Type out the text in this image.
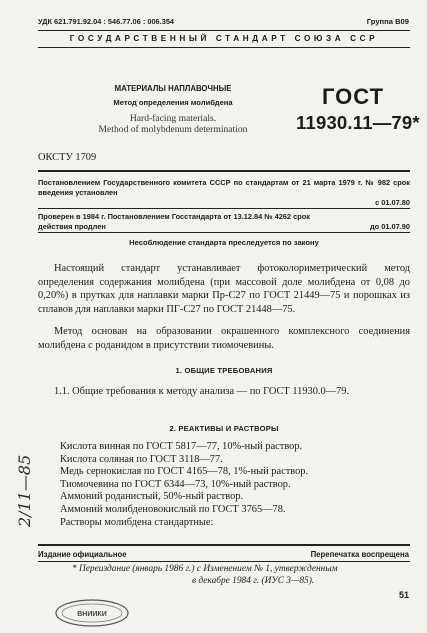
УДК 621.791.92.04 : 546.77.06 : 006.354	Группа В09
ГОСУДАРСТВЕННЫЙ СТАНДАРТ СОЮЗА ССР
МАТЕРИАЛЫ НАПЛАВОЧНЫЕ
Метод определения молибдена
Hard-facing materials.
Method of molybdenum determination
ГОСТ
11930.11—79*
ОКСТУ 1709
Постановлением Государственного комитета СССР по стандартам от 21 марта 1979 г. № 982 срок введения установлен
с 01.07.80
Проверен в 1984 г. Постановлением Госстандарта от 13.12.84 № 4262 срок действия продлен	до 01.07.90
Несоблюдение стандарта преследуется по закону
Настоящий стандарт устанавливает фотоколориметрический метод определения содержания молибдена (при массовой доле молибдена от 0,08 до 0,20%) в прутках для наплавки марки Пр-С27 по ГОСТ 21449—75 и порошках из сплавов для наплавки марки ПГ-С27 по ГОСТ 21448—75.
Метод основан на образовании окрашенного комплексного соединения молибдена с роданидом в присутствии тиомочевины.
1. ОБЩИЕ ТРЕБОВАНИЯ
1.1. Общие требования к методу анализа — по ГОСТ 11930.0—79.
2. РЕАКТИВЫ И РАСТВОРЫ
Кислота винная по ГОСТ 5817—77, 10%-ный раствор.
Кислота соляная по ГОСТ 3118—77.
Медь сернокислая по ГОСТ 4165—78, 1%-ный раствор.
Тиомочевина по ГОСТ 6344—73, 10%-ный раствор.
Аммоний роданистый, 50%-ный раствор.
Аммоний молибденовокислый по ГОСТ 3765—78.
Растворы молибдена стандартные:
2/11—85
Издание официальное	Перепечатка воспрещена
* Переиздание (январь 1986 г.) с Изменением № 1, утвержденным
в декабре 1984 г. (ИУС 3—85).
51
ВНИИКИ
